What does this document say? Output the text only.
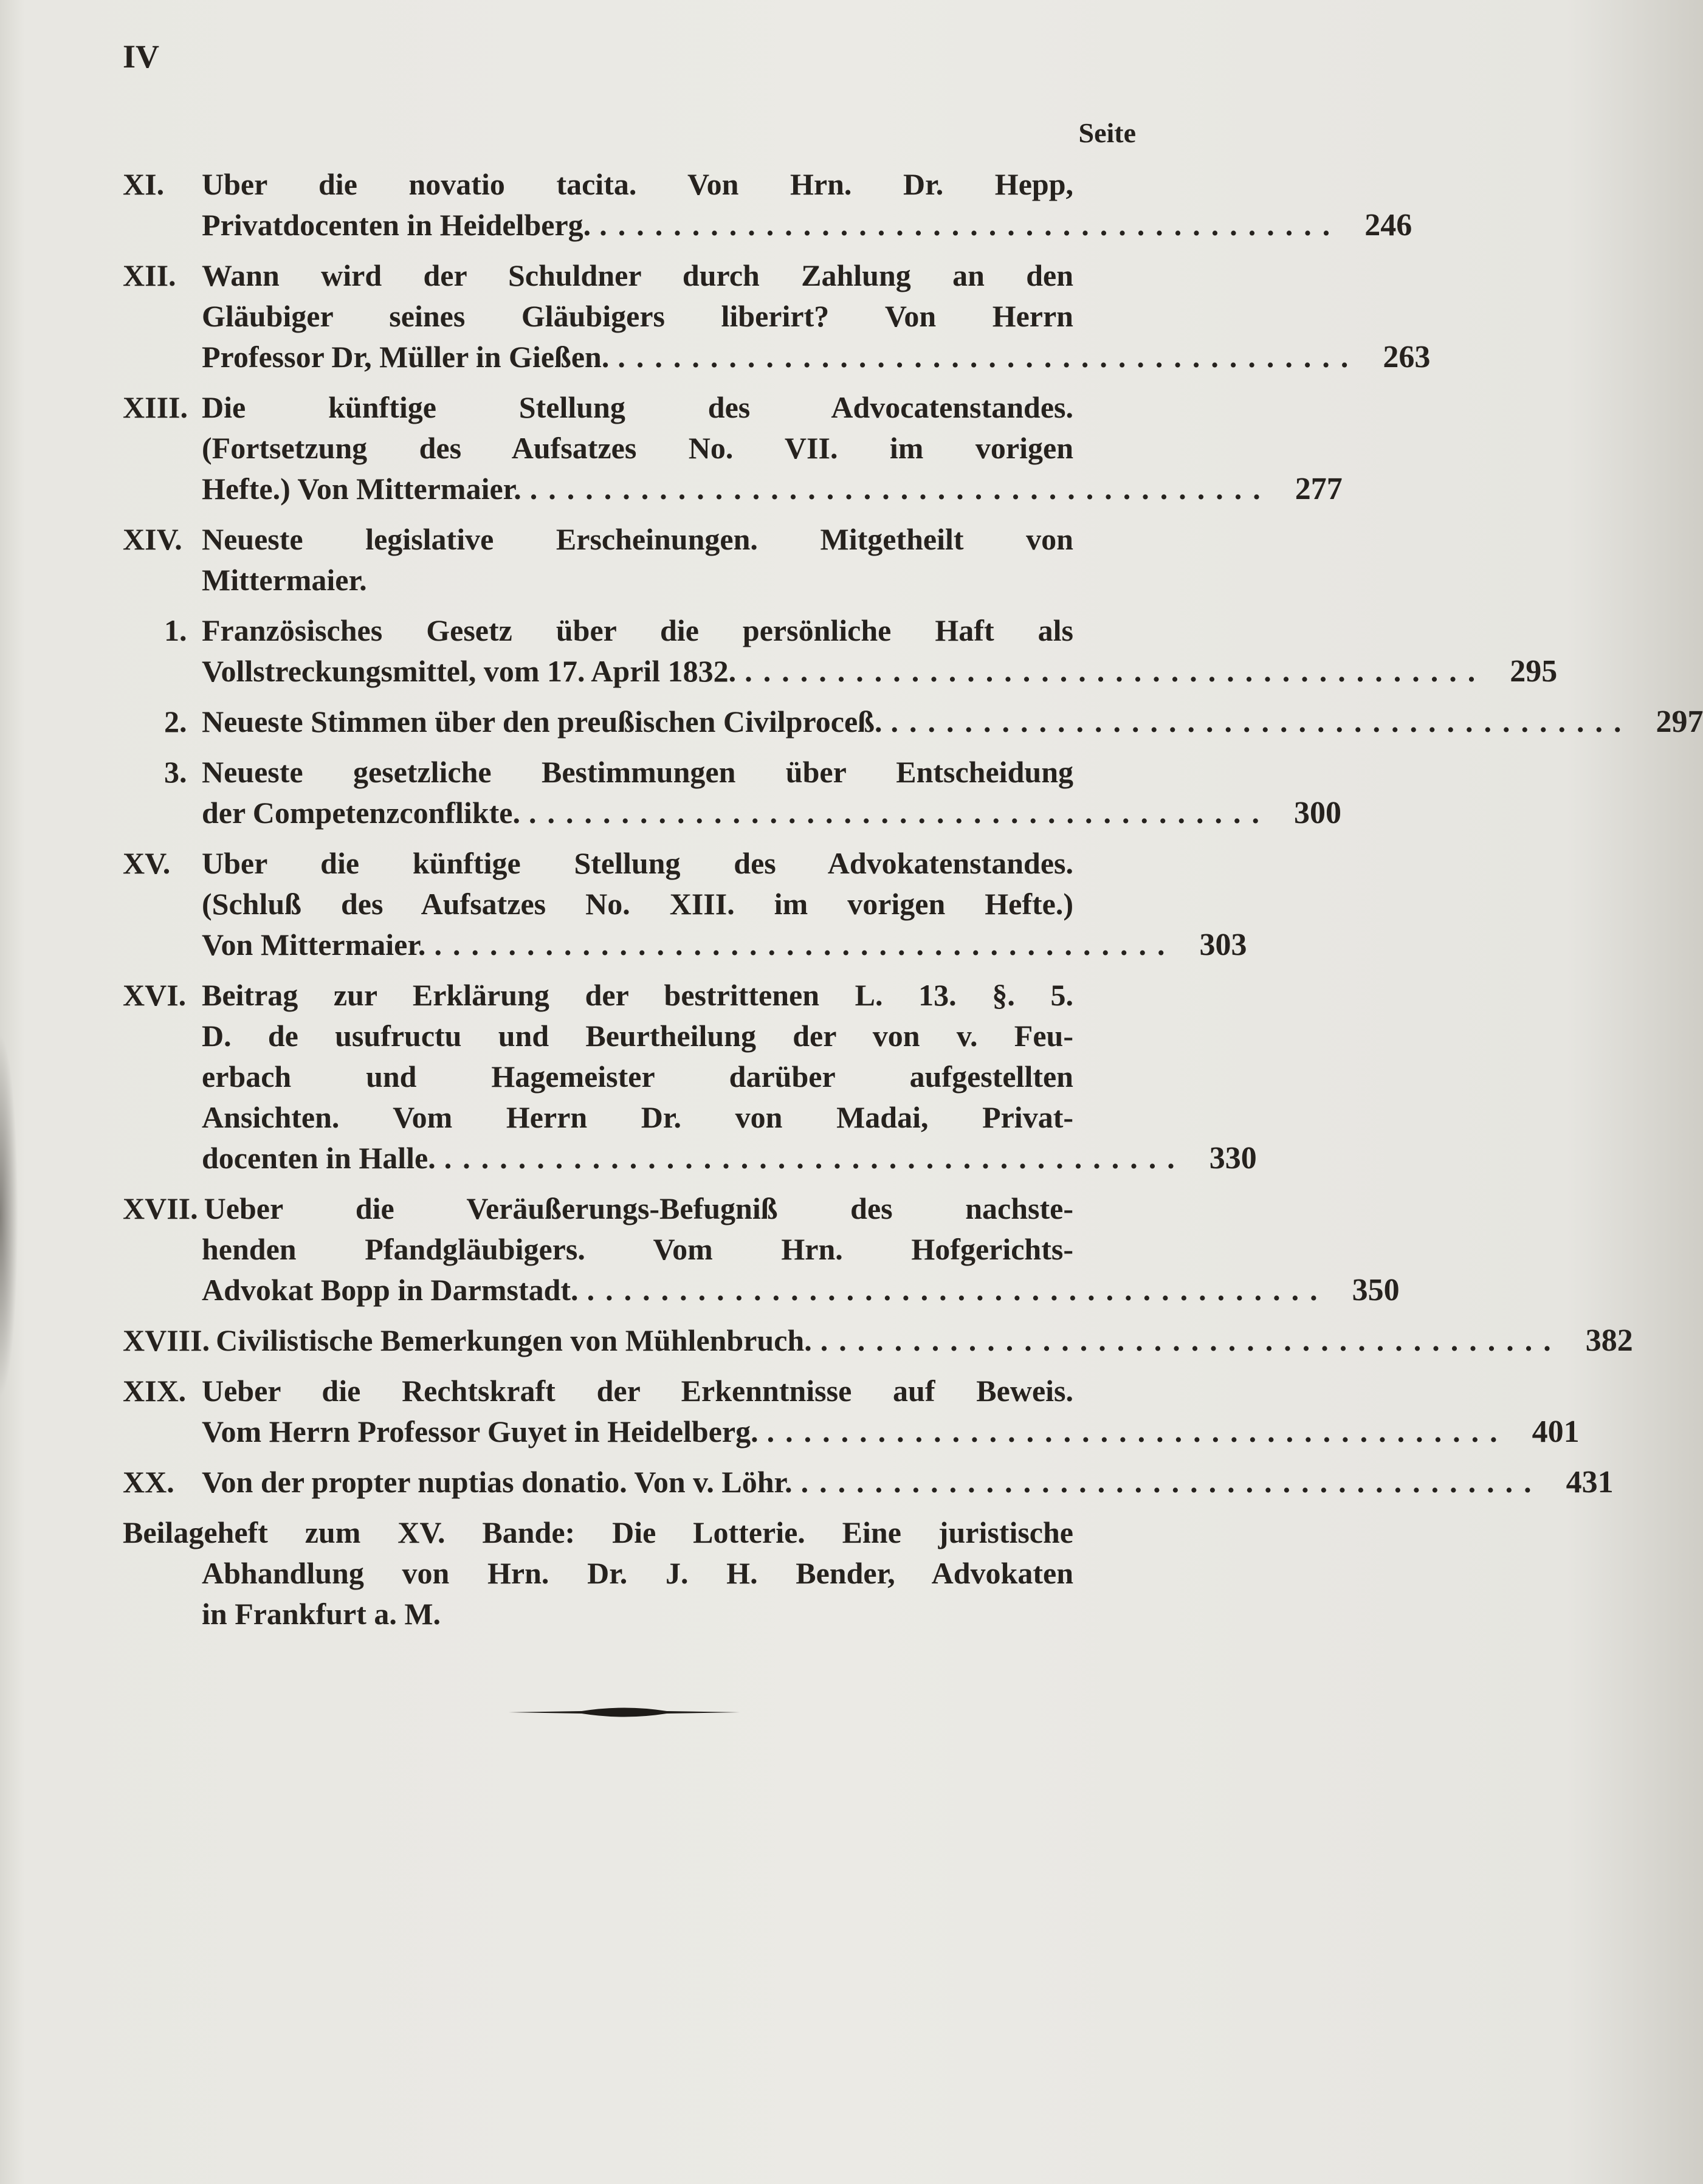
IV
Seite
XI.	Uber die novatio tacita. Von Hrn. Dr. Hepp,
Privatdocenten in Heidelberg. ........................................ 246
XII. Wann wird der Schuldner durch Zahlung an den
Gläubiger seines Gläubigers liberirt? Von Herrn
Professor Dr, Müller in Gießen. ........................................ 263
XIII. Die künftige Stellung des Advocatenstandes.
(Fortsetzung des Aufsatzes No. VII. im vorigen
Hefte.) Von Mittermaier. ........................................ 277
XIV. Neueste legislative Erscheinungen. Mitgetheilt von
Mittermaier.
1. Französisches Gesetz über die persönliche Haft als
Vollstreckungsmittel, vom 17. April 1832. ........................................ 295
2. Neueste Stimmen über den preußischen Civilproceß. ........................................ 297
3. Neueste gesetzliche Bestimmungen über Entscheidung
der Competenzconflikte. ........................................ 300
XV.	Uber die künftige Stellung des Advokatenstandes.
(Schluß des Aufsatzes No. XIII. im vorigen Hefte.)
Von Mittermaier. ........................................ 303
XVI. Beitrag zur Erklärung der bestrittenen L. 13. §. 5.
D. de usufructu und Beurtheilung der von v. Feu-
erbach und Hagemeister darüber aufgestellten
Ansichten. Vom Herrn Dr. von Madai, Privat-
docenten in Halle. ........................................ 330
XVII. Ueber die Veräußerungs-Befugniß des nachste-
henden Pfandgläubigers. Vom Hrn. Hofgerichts-
Advokat Bopp in Darmstadt. ........................................ 350
XVIII. Civilistische Bemerkungen von Mühlenbruch. ........................................ 382
XIX. Ueber die Rechtskraft der Erkenntnisse auf Beweis.
Vom Herrn Professor Guyet in Heidelberg. ........................................ 401
XX. Von der propter nuptias donatio. Von v. Löhr. ........................................ 431
Beilageheft zum XV. Bande: Die Lotterie. Eine juristische
Abhandlung von Hrn. Dr. J. H. Bender, Advokaten
in Frankfurt a. M.
